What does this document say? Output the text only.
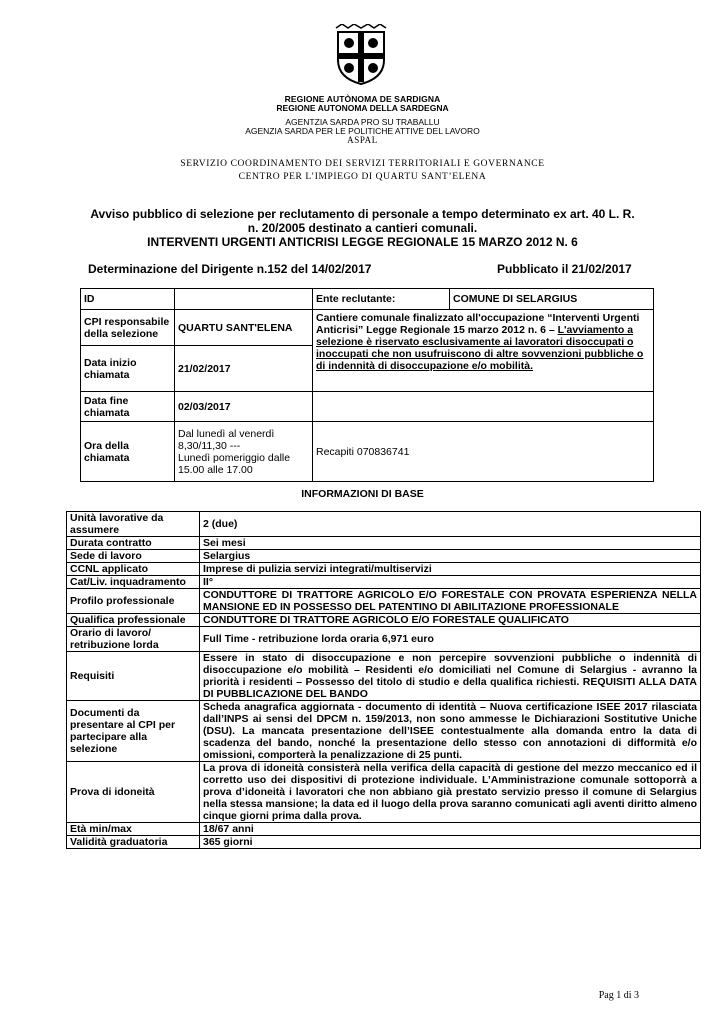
REGIONE AUTÒNOMA DE SARDIGNA
REGIONE AUTONOMA DELLA SARDEGNA
AGENTZIA SARDA PRO SU TRABALLU
AGENZIA SARDA PER LE POLITICHE ATTIVE DEL LAVORO
ASPAL
SERVIZIO COORDINAMENTO DEI SERVIZI TERRITORIALI E GOVERNANCE
CENTRO PER L’IMPIEGO DI QUARTU SANT’ELENA
Avviso pubblico di selezione per reclutamento di personale a tempo determinato ex art. 40 L. R.
n. 20/2005 destinato a cantieri comunali.
INTERVENTI URGENTI ANTICRISI LEGGE REGIONALE 15 MARZO 2012 N. 6
Determinazione del Dirigente n.152 del 14/02/2017	Pubblicato il 21/02/2017
ID		Ente reclutante:	COMUNE DI SELARGIUS
CPI responsabile della selezione	QUARTU SANT'ELENA	Cantiere comunale finalizzato all'occupazione “Interventi Urgenti Anticrisi” Legge Regionale 15 marzo 2012 n. 6 – L'avviamento a selezione è riservato esclusivamente ai lavoratori disoccupati o inoccupati che non usufruiscono di altre sovvenzioni pubbliche o di indennità di disoccupazione e/o mobilità.	
Data inizio chiamata	21/02/2017		
Data fine chiamata	02/03/2017		
Ora della chiamata	Dal lunedì al venerdì
8,30/11,30 ---
Lunedì pomeriggio dalle
15.00 alle 17.00	Recapiti 070836741	
INFORMAZIONI DI BASE
Unità lavorative da assumere	2 (due)
Durata contratto	Sei mesi
Sede di lavoro	Selargius
CCNL applicato	Imprese di pulizia servizi integrati/multiservizi
Cat/Liv. inquadramento	II°
Profilo professionale	CONDUTTORE DI TRATTORE AGRICOLO E/O FORESTALE CON PROVATA ESPERIENZA NELLA MANSIONE ED IN POSSESSO DEL PATENTINO DI ABILITAZIONE PROFESSIONALE
Qualifica professionale	CONDUTTORE DI TRATTORE AGRICOLO E/O FORESTALE QUALIFICATO
Orario di lavoro/ retribuzione lorda	Full Time - retribuzione lorda oraria 6,971 euro
Requisiti	Essere in stato di disoccupazione e non percepire sovvenzioni pubbliche o indennità di disoccupazione e/o mobilità – Residenti e/o domiciliati nel Comune di Selargius - avranno la priorità i residenti – Possesso del titolo di studio e della qualifica richiesti. REQUISITI ALLA DATA DI PUBBLICAZIONE DEL BANDO
Documenti da presentare al CPI per partecipare alla selezione	Scheda anagrafica aggiornata - documento di identità – Nuova certificazione ISEE 2017 rilasciata dall’INPS ai sensi del DPCM n. 159/2013, non sono ammesse le Dichiarazioni Sostitutive Uniche (DSU). La mancata presentazione dell’ISEE contestualmente alla domanda entro la data di scadenza del bando, nonché la presentazione dello stesso con annotazioni di difformità e/o omissioni, comporterà la penalizzazione di 25 punti.
Prova di idoneità	La prova di idoneità consisterà nella verifica della capacità di gestione del mezzo meccanico ed il corretto uso dei dispositivi di protezione individuale. L’Amministrazione comunale sottoporrà a prova d’idoneità i lavoratori che non abbiano già prestato servizio presso il comune di Selargius nella stessa mansione; la data ed il luogo della prova saranno comunicati agli aventi diritto almeno cinque giorni prima dalla prova.
Età min/max	18/67 anni
Validità graduatoria	365 giorni
Pag 1 di 3
